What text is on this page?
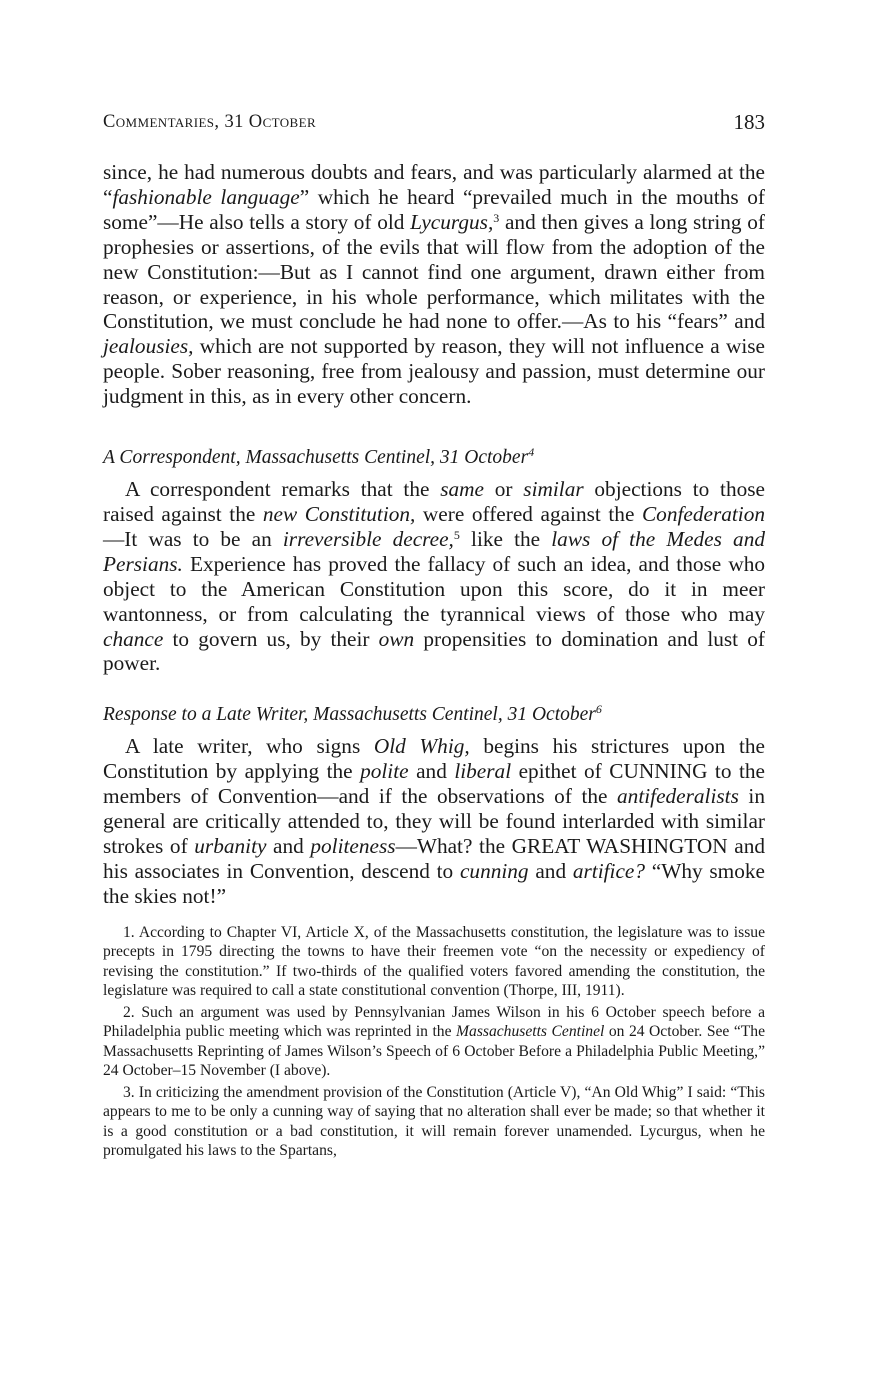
Commentaries, 31 October	183

since, he had numerous doubts and fears, and was particularly alarmed at the “fashionable language” which he heard “prevailed much in the mouths of some”—He also tells a story of old Lycurgus,$^3$ and then gives a long string of prophesies or assertions, of the evils that will flow from the adoption of the new Constitution:—But as I cannot find one argument, drawn either from reason, or experience, in his whole performance, which militates with the Constitution, we must conclude he had none to offer.—As to his “fears” and jealousies, which are not supported by reason, they will not influence a wise people. Sober reasoning, free from jealousy and passion, must determine our judgment in this, as in every other concern.

A Correspondent, Massachusetts Centinel, 31 October$^4$

A correspondent remarks that the same or similar objections to those raised against the new Constitution, were offered against the Confederation—It was to be an irreversible decree,$^5$ like the laws of the Medes and Persians. Experience has proved the fallacy of such an idea, and those who object to the American Constitution upon this score, do it in meer wantonness, or from calculating the tyrannical views of those who may chance to govern us, by their own propensities to domination and lust of power.

Response to a Late Writer, Massachusetts Centinel, 31 October$^6$

A late writer, who signs Old Whig, begins his strictures upon the Constitution by applying the polite and liberal epithet of CUNNING to the members of Convention—and if the observations of the antifederalists in general are critically attended to, they will be found interlarded with similar strokes of urbanity and politeness—What? the GREAT WASHINGTON and his associates in Convention, descend to cunning and artifice? “Why smoke the skies not!”

1. According to Chapter VI, Article X, of the Massachusetts constitution, the legislature was to issue precepts in 1795 directing the towns to have their freemen vote “on the necessity or expediency of revising the constitution.” If two-thirds of the qualified voters favored amending the constitution, the legislature was required to call a state constitutional convention (Thorpe, III, 1911).

2. Such an argument was used by Pennsylvanian James Wilson in his 6 October speech before a Philadelphia public meeting which was reprinted in the Massachusetts Centinel on 24 October. See “The Massachusetts Reprinting of James Wilson’s Speech of 6 October Before a Philadelphia Public Meeting,” 24 October–15 November (I above).

3. In criticizing the amendment provision of the Constitution (Article V), “An Old Whig” I said: “This appears to me to be only a cunning way of saying that no alteration shall ever be made; so that whether it is a good constitution or a bad constitution, it will remain forever unamended. Lycurgus, when he promulgated his laws to the Spartans,
